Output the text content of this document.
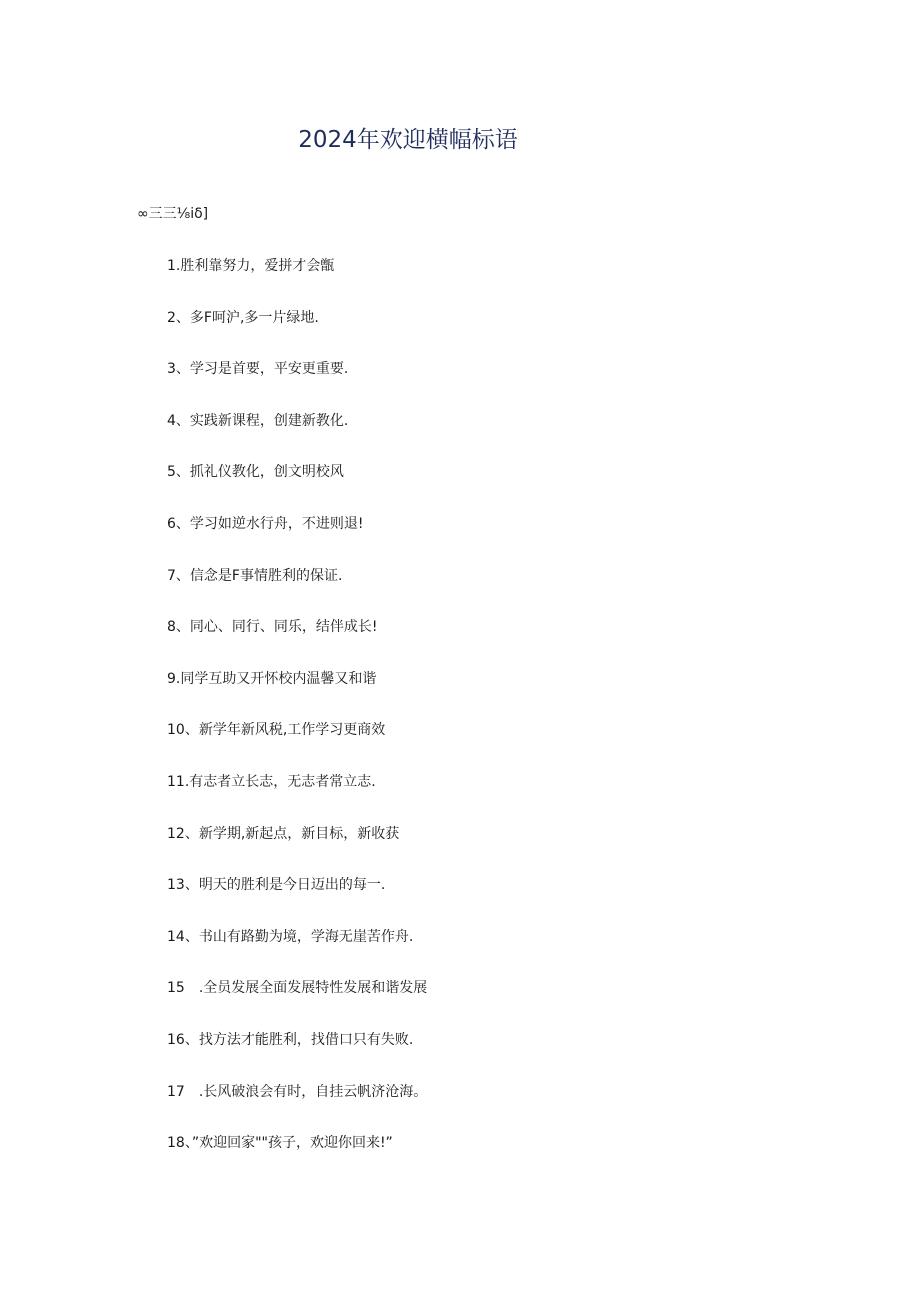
2024年欢迎横幅标语
∞三三⅛iδ]
1.胜利靠努力，爱拼才会甑
2、多F呵沪,多一片绿地.
3、学习是首要，平安更重要.
4、实践新课程，创建新教化.
5、抓礼仪教化，创文明校风
6、学习如逆水行舟，不进则退!
7、信念是F事情胜利的保证.
8、同心、同行、同乐，结伴成长!
9.同学互助又开怀校内温馨又和谐
10、新学年新风税,工作学习更商效
11.有志者立长志，无志者常立志.
12、新学期,新起点，新目标，新收获
13、明天的胜利是今日迈出的每一.
14、书山有路勤为境，学海无崖苦作舟.
15　.全员发展全面发展特性发展和谐发展
16、找方法才能胜利，找借口只有失败.
17　.长风破浪会有时，自挂云帆济沧海。
18、”欢迎回家""孩子，欢迎你回来!”
